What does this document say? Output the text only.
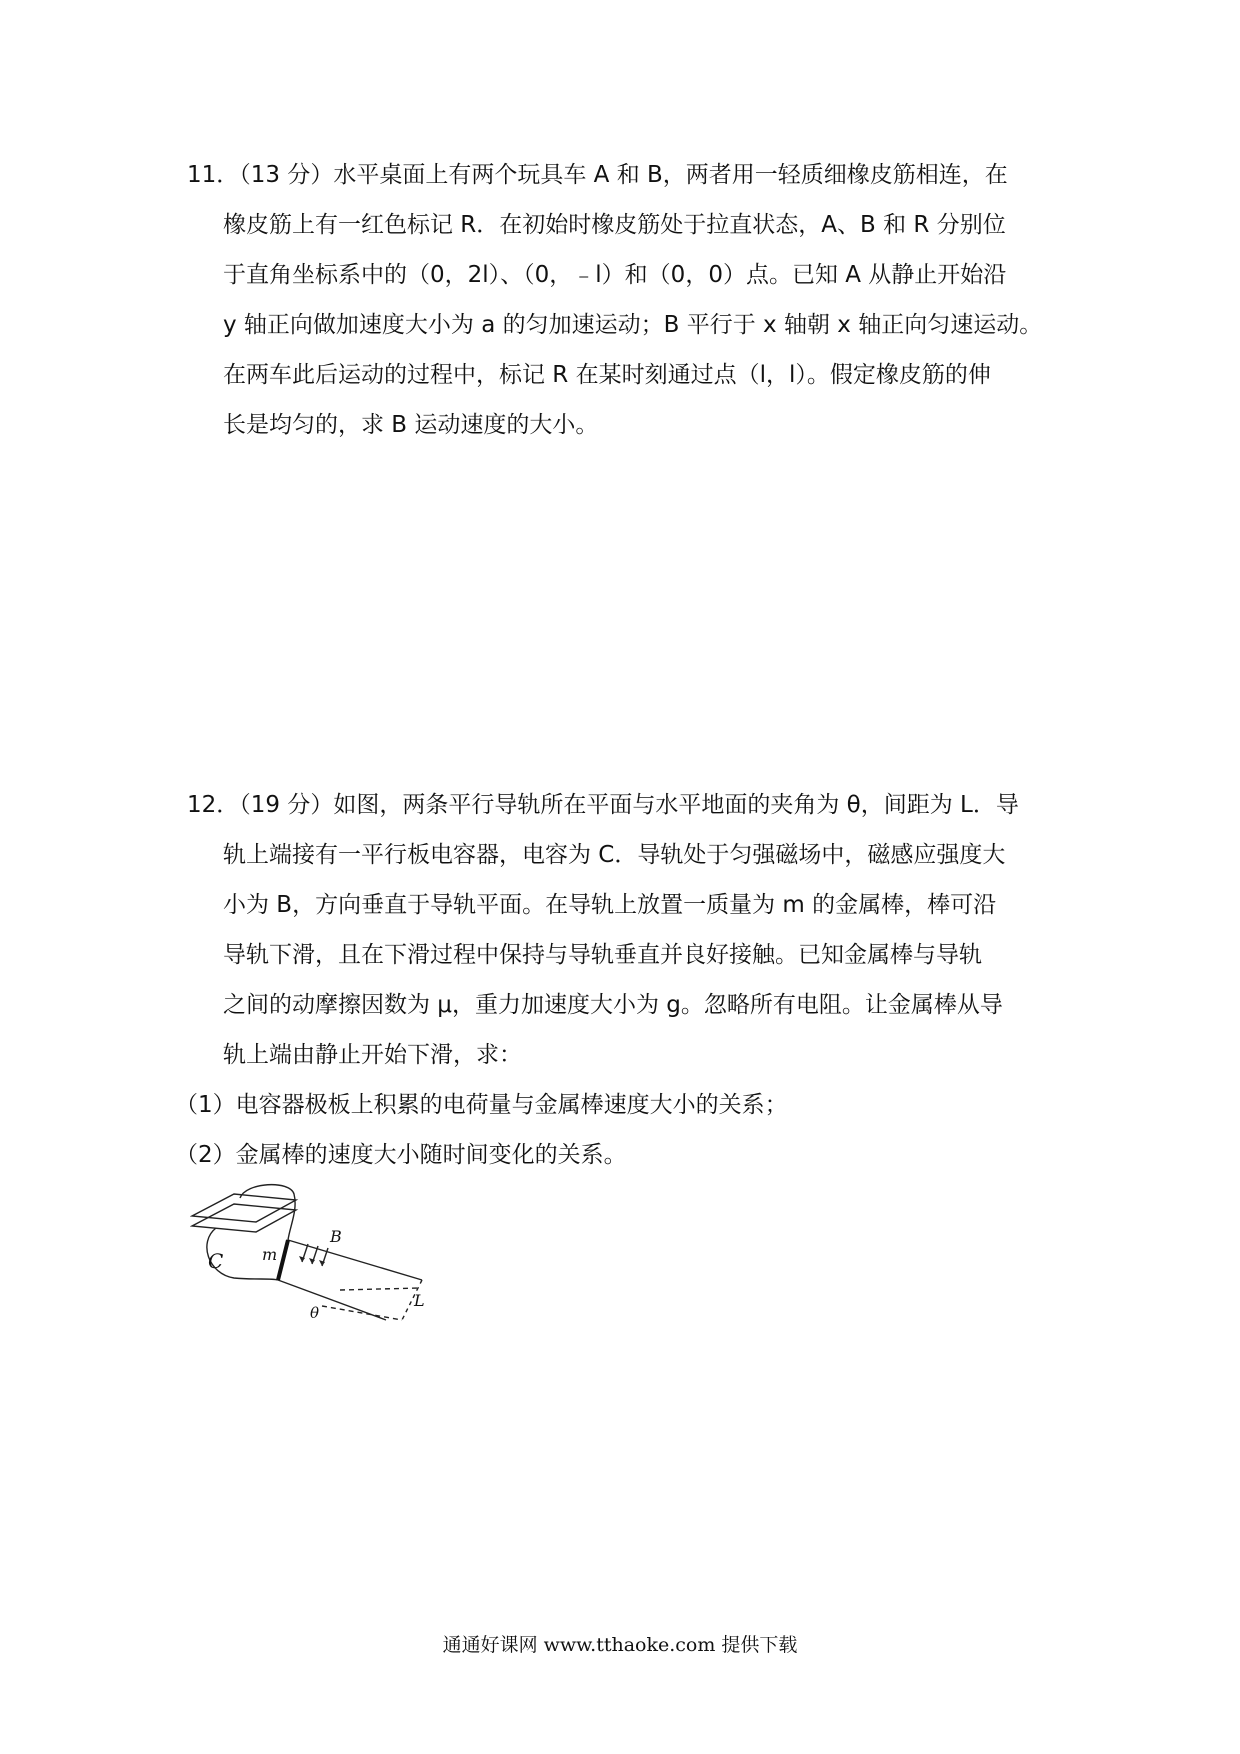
11．（13 分）水平桌面上有两个玩具车 A 和 B，两者用一轻质细橡皮筋相连，在
橡皮筋上有一红色标记 R．在初始时橡皮筋处于拉直状态，A、B 和 R 分别位
于直角坐标系中的（0，2l）、（0，﹣l）和（0，0）点。已知 A 从静止开始沿
y 轴正向做加速度大小为 a 的匀加速运动；B 平行于 x 轴朝 x 轴正向匀速运动。
在两车此后运动的过程中，标记 R 在某时刻通过点（l，l）。假定橡皮筋的伸
长是均匀的，求 B 运动速度的大小。
12．（19 分）如图，两条平行导轨所在平面与水平地面的夹角为 θ，间距为 L．导
轨上端接有一平行板电容器，电容为 C．导轨处于匀强磁场中，磁感应强度大
小为 B，方向垂直于导轨平面。在导轨上放置一质量为 m 的金属棒，棒可沿
导轨下滑，且在下滑过程中保持与导轨垂直并良好接触。已知金属棒与导轨
之间的动摩擦因数为 μ，重力加速度大小为 g。忽略所有电阻。让金属棒从导
轨上端由静止开始下滑，求：
（1）电容器极板上积累的电荷量与金属棒速度大小的关系；
（2）金属棒的速度大小随时间变化的关系。
C m
B
θ
L
通通好课网 www.tthaoke.com 提供下载
